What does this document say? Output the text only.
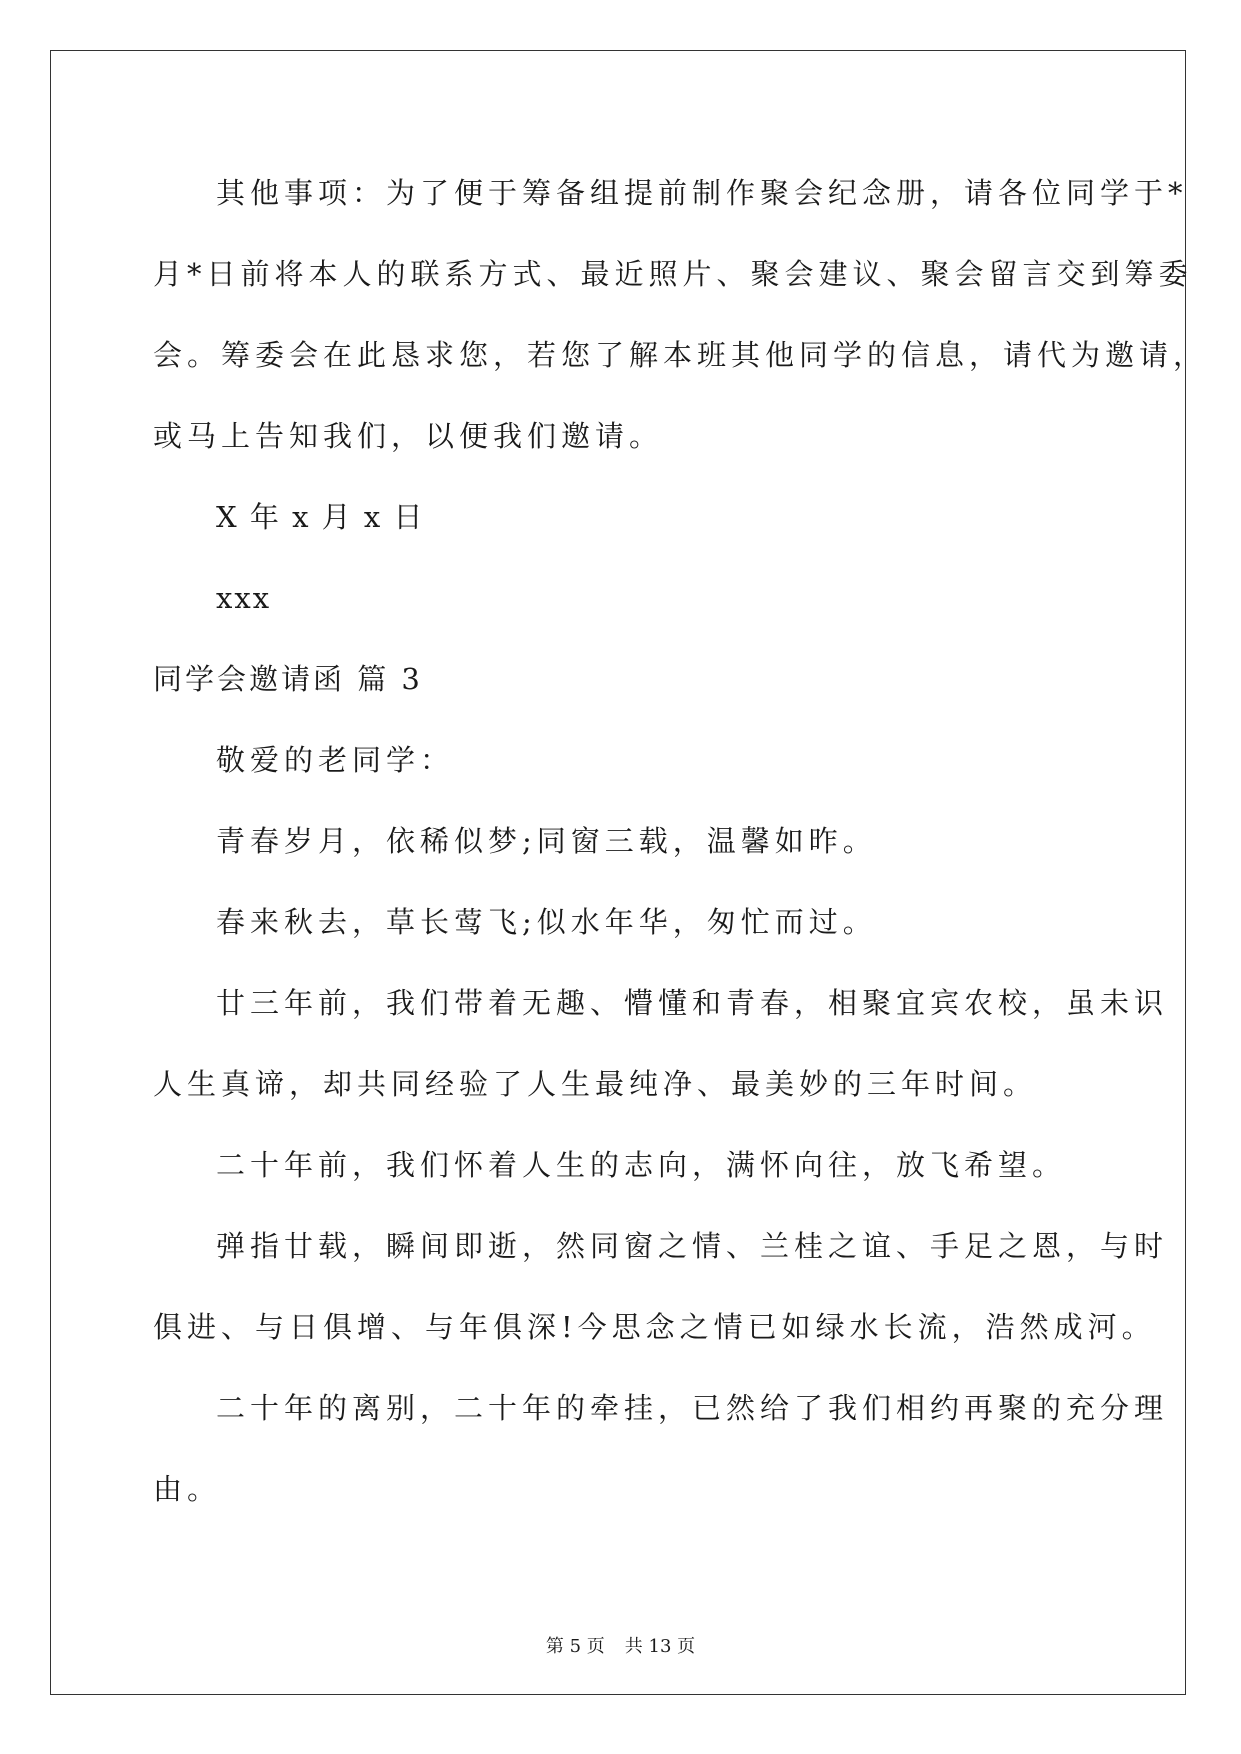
其他事项：为了便于筹备组提前制作聚会纪念册，请各位同学于*
月*日前将本人的联系方式、最近照片、聚会建议、聚会留言交到筹委
会。筹委会在此恳求您，若您了解本班其他同学的信息，请代为邀请，
或马上告知我们，以便我们邀请。
X 年 x 月 x 日
xxx
同学会邀请函 篇 3
敬爱的老同学：
青春岁月，依稀似梦;同窗三载，温馨如昨。
春来秋去，草长莺飞;似水年华，匆忙而过。
廿三年前，我们带着无趣、懵懂和青春，相聚宜宾农校，虽未识
人生真谛，却共同经验了人生最纯净、最美妙的三年时间。
二十年前，我们怀着人生的志向，满怀向往，放飞希望。
弹指廿载，瞬间即逝，然同窗之情、兰桂之谊、手足之恩，与时
俱进、与日俱增、与年俱深!今思念之情已如绿水长流，浩然成河。
二十年的离别，二十年的牵挂，已然给了我们相约再聚的充分理
由。
第 5 页 共 13 页
